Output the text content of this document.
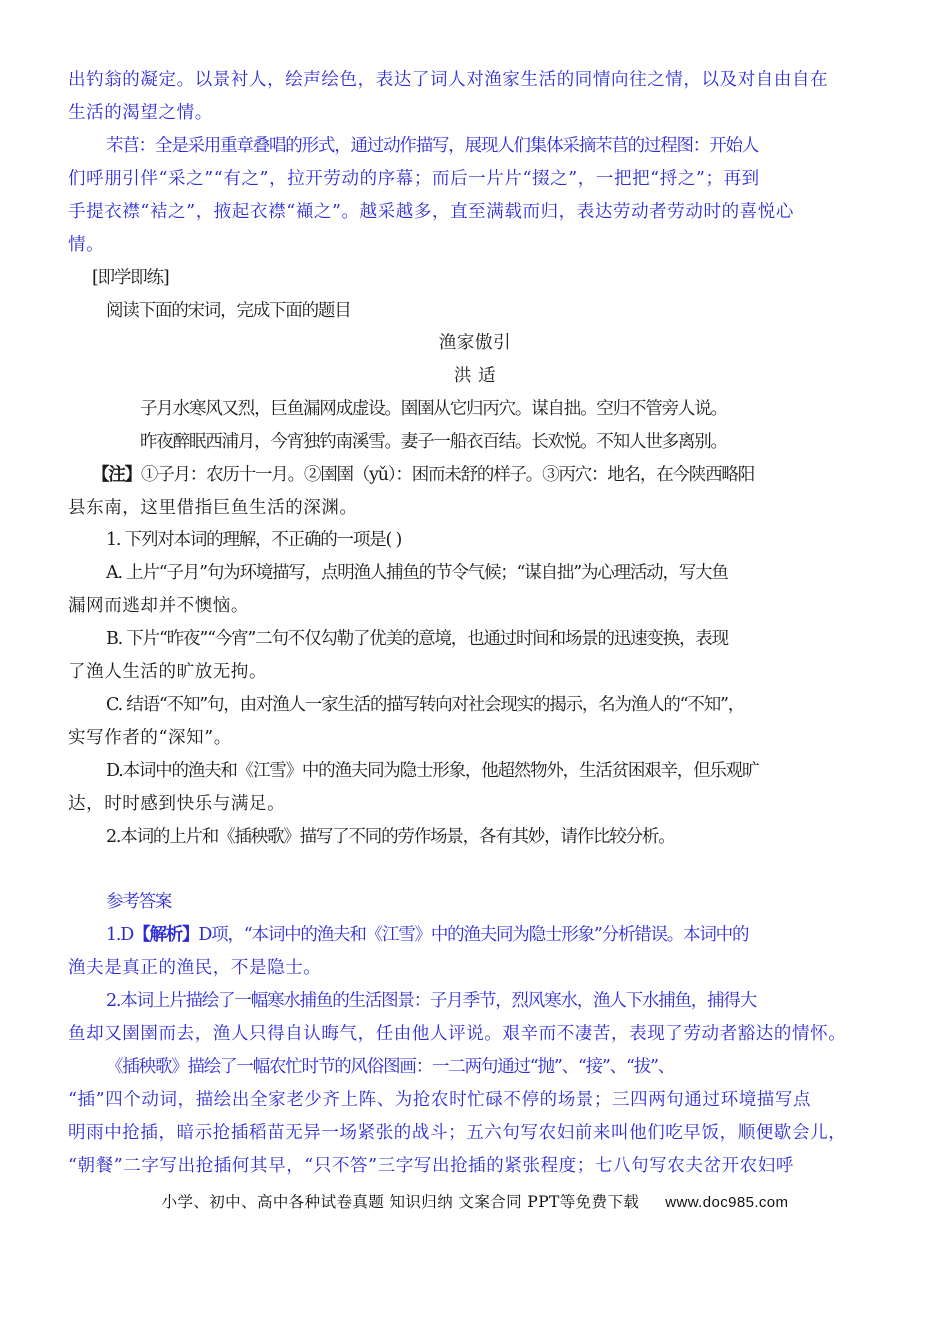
出钓翁的凝定。以景衬人，绘声绘色，表达了词人对渔家生活的同情向往之情，以及对自由自在
生活的渴望之情。
芣苢：全是采用重章叠唱的形式，通过动作描写，展现人们集体采摘芣苢的过程图：开始人
们呼朋引伴“采之”“有之”，拉开劳动的序幕；而后一片片“掇之”，一把把“捋之”；再到
手提衣襟“袺之”，掖起衣襟“襭之”。越采越多，直至满载而归，表达劳动者劳动时的喜悦心
情。
[即学即练]
阅读下面的宋词，完成下面的题目
渔家傲引
洪 适
子月水寒风又烈，巨鱼漏网成虚设。圉圉从它归丙穴。谋自拙。空归不管旁人说。
昨夜醉眠西浦月，今宵独钓南溪雪。妻子一船衣百结。长欢悦。不知人世多离别。
【注】①子月：农历十一月。②圉圉（yǔ）：困而未舒的样子。③丙穴：地名，在今陕西略阳
县东南，这里借指巨鱼生活的深渊。
1. 下列对本词的理解，不正确的一项是( )
A. 上片“子月”句为环境描写，点明渔人捕鱼的节令气候；“谋自拙”为心理活动，写大鱼
漏网而逃却并不懊恼。
B. 下片“昨夜”“今宵”二句不仅勾勒了优美的意境，也通过时间和场景的迅速变换，表现
了渔人生活的旷放无拘。
C. 结语“不知”句，由对渔人一家生活的描写转向对社会现实的揭示，名为渔人的“不知”，
实写作者的“深知”。
D.本词中的渔夫和《江雪》中的渔夫同为隐士形象，他超然物外，生活贫困艰辛，但乐观旷
达，时时感到快乐与满足。
2.本词的上片和《插秧歌》描写了不同的劳作场景，各有其妙，请作比较分析。
参考答案
1.D【解析】D项，“本词中的渔夫和《江雪》中的渔夫同为隐士形象”分析错误。本词中的
渔夫是真正的渔民，不是隐士。
2.本词上片描绘了一幅寒水捕鱼的生活图景：子月季节，烈风寒水，渔人下水捕鱼，捕得大
鱼却又圉圉而去，渔人只得自认晦气，任由他人评说。艰辛而不凄苦，表现了劳动者豁达的情怀。
《插秧歌》描绘了一幅农忙时节的风俗图画：一二两句通过“抛”、“接”、“拔”、
“插”四个动词，描绘出全家老少齐上阵、为抢农时忙碌不停的场景；三四两句通过环境描写点
明雨中抢插，暗示抢插稻苗无异一场紧张的战斗；五六句写农妇前来叫他们吃早饭，顺便歇会儿，
“朝餐”二字写出抢插何其早，“只不答”三字写出抢插的紧张程度；七八句写农夫岔开农妇呼
小学、初中、高中各种试卷真题 知识归纳 文案合同 PPT等免费下载 www.doc985.com
